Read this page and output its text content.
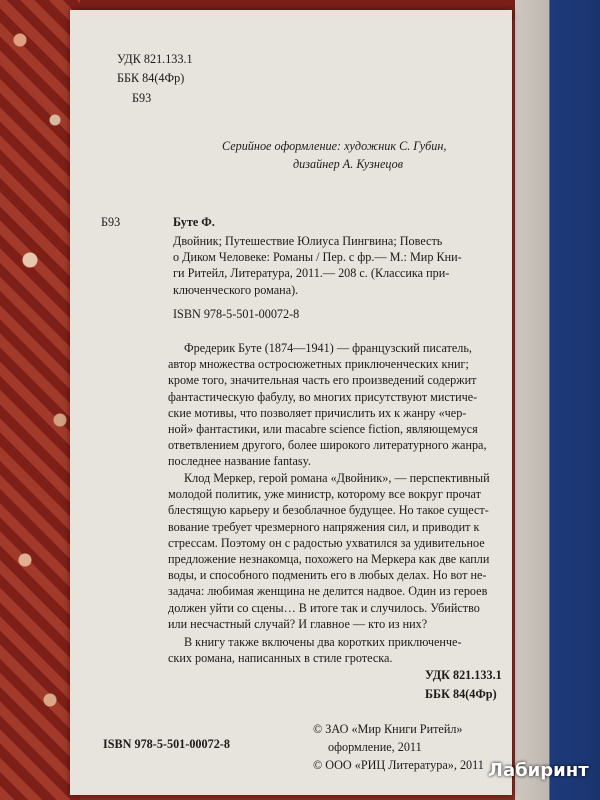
УДК 821.133.1
ББК 84(4Фр)
Б93
Серийное оформление: художник С. Губин,
дизайнер А. Кузнецов
Б93	Буте Ф.
Двойник; Путешествие Юлиуса Пингвина; Повесть
о Диком Человеке: Романы / Пер. с фр.— М.: Мир Кни-
ги Ритейл, Литература, 2011.— 208 с. (Классика при-
ключенческого романа).
ISBN 978-5-501-00072-8
Фредерик Буте (1874—1941) — французский писатель,
автор множества остросюжетных приключенческих книг;
кроме того, значительная часть его произведений содержит
фантастическую фабулу, во многих присутствуют мистиче-
ские мотивы, что позволяет причислить их к жанру «чер-
ной» фантастики, или macabre science fiction, являющемуся
ответвлением другого, более широкого литературного жанра,
последнее название fantasy.
Клод Меркер, герой романа «Двойник», — перспективный
молодой политик, уже министр, которому все вокруг прочат
блестящую карьеру и безоблачное будущее. Но такое сущест-
вование требует чрезмерного напряжения сил, и приводит к
стрессам. Поэтому он с радостью ухватился за удивительное
предложение незнакомца, похожего на Меркера как две капли
воды, и способного подменить его в любых делах. Но вот не-
задача: любимая женщина не делится надвое. Один из героев
должен уйти со сцены… В итоге так и случилось. Убийство
или несчастный случай? И главное — кто из них?
В книгу также включены два коротких приключенче-
ских романа, написанных в стиле гротеска.
УДК 821.133.1
ББК 84(4Фр)
© ЗАО «Мир Книги Ритейл»
оформление, 2011
© ООО «РИЦ Литература», 2011
ISBN 978-5-501-00072-8
Лабиринт
